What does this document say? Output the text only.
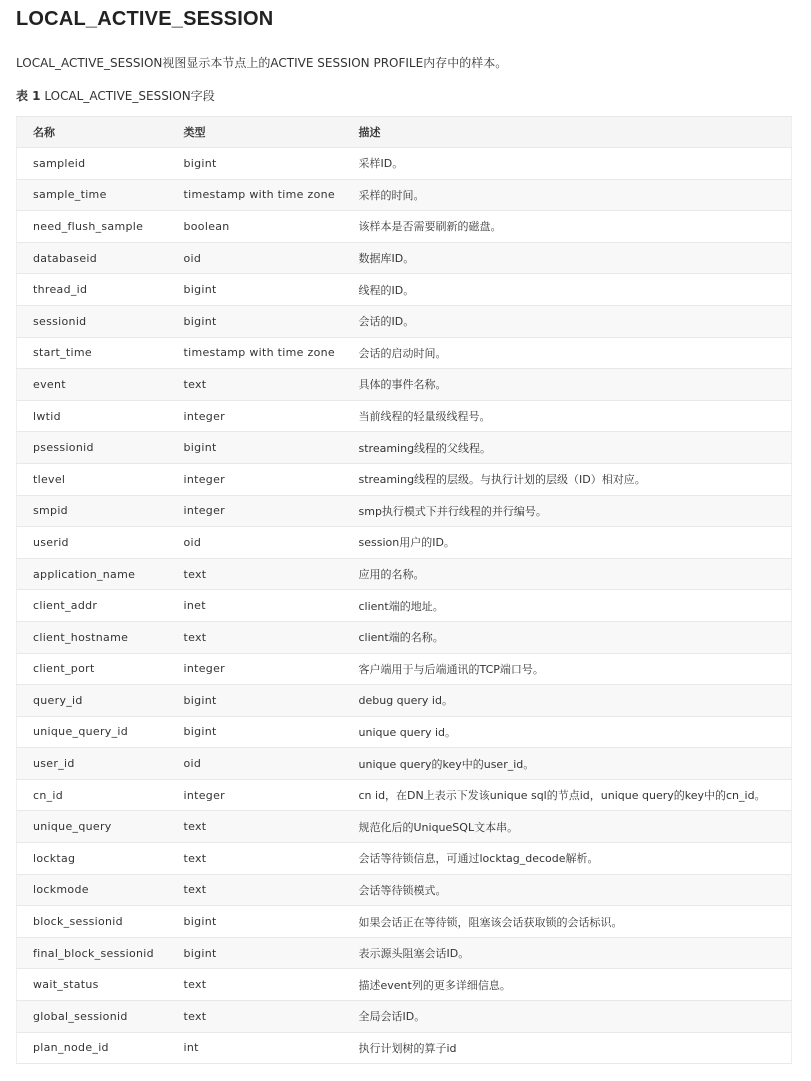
LOCAL_ACTIVE_SESSION

LOCAL_ACTIVE_SESSION视图显示本节点上的ACTIVE SESSION PROFILE内存中的样本。

表 1 LOCAL_ACTIVE_SESSION字段

名称	类型	描述
sampleid	bigint	采样ID。
sample_time	timestamp with time zone	采样的时间。
need_flush_sample	boolean	该样本是否需要刷新的磁盘。
databaseid	oid	数据库ID。
thread_id	bigint	线程的ID。
sessionid	bigint	会话的ID。
start_time	timestamp with time zone	会话的启动时间。
event	text	具体的事件名称。
lwtid	integer	当前线程的轻量级线程号。
psessionid	bigint	streaming线程的父线程。
tlevel	integer	streaming线程的层级。与执行计划的层级（ID）相对应。
smpid	integer	smp执行模式下并行线程的并行编号。
userid	oid	session用户的ID。
application_name	text	应用的名称。
client_addr	inet	client端的地址。
client_hostname	text	client端的名称。
client_port	integer	客户端用于与后端通讯的TCP端口号。
query_id	bigint	debug query id。
unique_query_id	bigint	unique query id。
user_id	oid	unique query的key中的user_id。
cn_id	integer	cn id，在DN上表示下发该unique sql的节点id，unique query的key中的cn_id。
unique_query	text	规范化后的UniqueSQL文本串。
locktag	text	会话等待锁信息，可通过locktag_decode解析。
lockmode	text	会话等待锁模式。
block_sessionid	bigint	如果会话正在等待锁，阻塞该会话获取锁的会话标识。
final_block_sessionid	bigint	表示源头阻塞会话ID。
wait_status	text	描述event列的更多详细信息。
global_sessionid	text	全局会话ID。
plan_node_id	int	执行计划树的算子id
